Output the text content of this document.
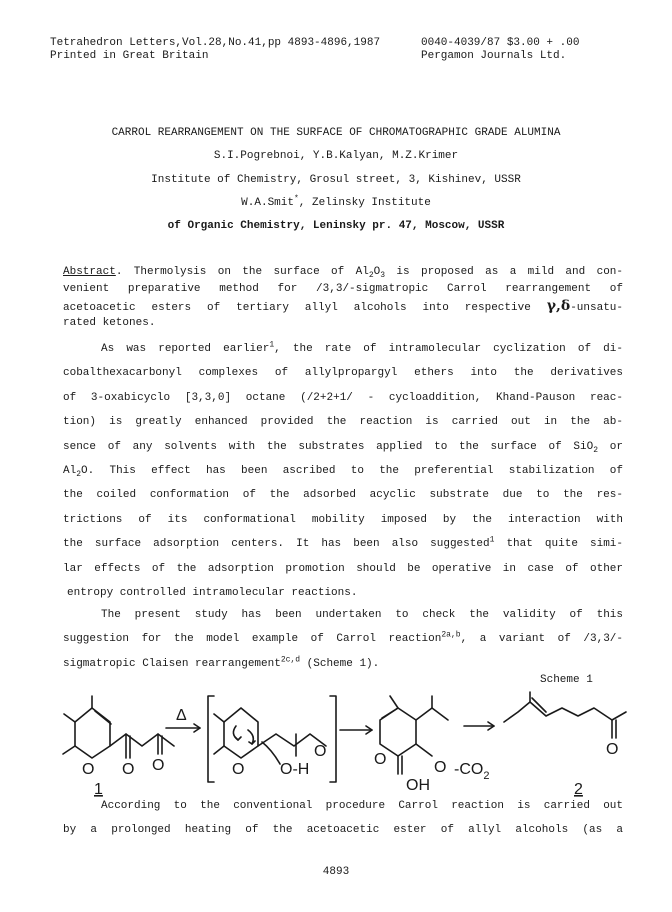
Tetrahedron Letters,Vol.28,No.41,pp 4893-4896,1987
Printed in Great Britain
0040-4039/87 $3.00 + .00
Pergamon Journals Ltd.
CARROL REARRANGEMENT ON THE SURFACE OF CHROMATOGRAPHIC GRADE ALUMINA
S.I.Pogrebnoi, Y.B.Kalyan, M.Z.Krimer
Institute of Chemistry, Grosul street, 3, Kishinev, USSR
W.A.Smit*, Zelinsky Institute
of Organic Chemistry, Leninsky pr. 47, Moscow, USSR
Abstract. Thermolysis on the surface of $Al_2O_3$ is proposed as a mild and con-
venient preparative method for /3,3/-sigmatropic Carrol rearrangement of
acetoacetic esters of tertiary allyl alcohols into respective γ,δ-unsatu-
rated ketones.
As was reported earlier$^1$, the rate of intramolecular cyclization of di-
cobalthexacarbonyl complexes of allylpropargyl ethers into the derivatives
of 3-oxabicyclo [3,3,0] octane (/2+2+1/ - cycloaddition, Khand-Pauson reac-
tion) is greatly enhanced provided the reaction is carried out in the ab-
sence of any solvents with the substrates applied to the surface of SiO$_2$ or
$Al_2O$. This effect has been ascribed to the preferential stabilization of
the coiled conformation of the adsorbed acyclic substrate due to the res-
trictions of its conformational mobility imposed by the interaction with
the surface adsorption centers. It has been also suggested$^1$ that quite simi-
lar effects of the adsorption promotion should be operative in case of other
entropy controlled intramolecular reactions.
The present study has been undertaken to check the validity of this
suggestion for the model example of Carrol reaction$^{2a,b}$, a variant of /3,3/-
sigmatropic Claisen rearrangement$^{2c,d}$ (Scheme 1).
Scheme 1
Δ
O O O	O O-H
O	O
OH
O $-CO_2$
O
1	2
According to the conventional procedure Carrol reaction is carried out
by a prolonged heating of the acetoacetic ester of allyl alcohols (as a
4893
